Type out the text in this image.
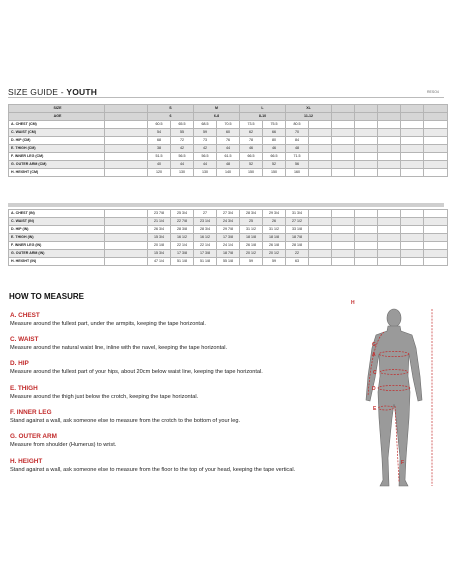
SIZE GUIDE - YOUTH	RESO4
SIZE		S		M		L		XL						
AGE		6		6-8		8-10		11-12						
A. CHEST (CM)		60.5	65.5	68.5	70.5	73.5	75.5	80.5						
C. WAIST (CM)		54	55	59	60	62	66	70						
D. HIP (CM)		68	72	73	76	78	80	84						
E. THIGH (CM)		38	42	42	44	46	46	48						
F. INNER LEG (CM)		51.5	56.5	56.5	61.5	66.5	66.5	71.5						
G. OUTER ARM (CM)		40	44	44	48	52	52	56						
H. HEIGHT (CM)		120	130	130	140	150	150	160						
A. CHEST (IN)		23 7/8	25 3/4	27	27 3/4	28 3/4	29 3/4	31 3/4						
C. WAIST (IN)		21 1/4	22 7/8	23 1/4	24 3/4	25	26	27 1/2						
D. HIP (IN)		26 3/4	28 3/8	28 3/4	29 7/8	31 1/2	31 1/2	33 1/8						
E. THIGH (IN)		15 3/4	16 1/2	16 1/2	17 3/8	18 1/8	18 1/8	18 7/8						
F. INNER LEG (IN)		20 1/8	22 1/4	22 1/4	24 1/4	26 1/8	26 1/8	28 1/8						
G. OUTER ARM (IN)		15 3/4	17 3/8	17 3/8	18 7/8	20 1/2	20 1/2	22						
H. HEIGHT (IN)		47 1/4	51 1/8	51 1/8	55 1/8	59	59	63						
HOW TO MEASURE
A. CHEST
Measure around the fullest part, under the armpits, keeping the tape horizontal.
C. WAIST
Measure around the natural waist line, inline with the navel, keeping the tape horizontal.
D. HIP
Measure around the fullest part of your hips, about 20cm below waist line, keeping the tape horizontal.
E. THIGH
Measure around the thigh just below the crotch, keeping the tape horizontal.
F. INNER LEG
Stand against a wall, ask someone else to measure from the crotch to the bottom of your leg.
G. OUTER ARM
Measure from shoulder (Humerus) to wrist.
H. HEIGHT
Stand against a wall, ask someone else to measure from the floor to the top of your head, keeping the tape vertical.
H
G
A
C
D
E
F
